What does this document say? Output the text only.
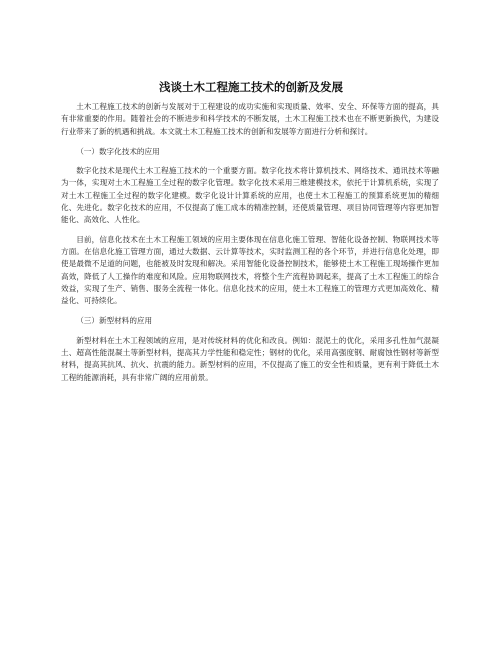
浅谈土木工程施工技术的创新及发展

土木工程施工技术的创新与发展对于工程建设的成功实施和实现质量、效率、安全、环保等方面的提高，具有非常重要的作用。随着社会的不断进步和科学技术的不断发展，土木工程施工技术也在不断更新换代，为建设行业带来了新的机遇和挑战。本文就土木工程施工技术的创新和发展等方面进行分析和探讨。

（一）数字化技术的应用

数字化技术是现代土木工程施工技术的一个重要方面。数字化技术将计算机技术、网络技术、通讯技术等融为一体，实现对土木工程施工全过程的数字化管理。数字化技术采用三维建模技术，依托于计算机系统，实现了对土木工程施工全过程的数字化建模。数字化设计计算系统的应用，也使土木工程施工的预算系统更加的精细化、先进化。数字化技术的应用，不仅提高了施工成本的精准控制，还使质量管理、项目协同管理等内容更加智能化、高效化、人性化。

目前，信息化技术在土木工程施工领域的应用主要体现在信息化施工管理、智能化设备控制、物联网技术等方面。在信息化施工管理方面，通过大数据、云计算等技术，实时监测工程的各个环节，并进行信息化处理，即使是最微不足道的问题，也能被及时发现和解决。采用智能化设备控制技术，能够使土木工程施工现场操作更加高效，降低了人工操作的难度和风险。应用物联网技术，将整个生产流程协调起来，提高了土木工程施工的综合效益，实现了生产、销售、服务全流程一体化。信息化技术的应用，使土木工程施工的管理方式更加高效化、精益化、可持续化。

（三）新型材料的应用

新型材料在土木工程领域的应用，是对传统材料的优化和改良。例如：混泥土的优化，采用多孔性加气混凝土、超高性能混凝土等新型材料，提高其力学性能和稳定性；钢材的优化，采用高强度钢、耐腐蚀性钢材等新型材料，提高其抗风、抗火、抗震的能力。新型材料的应用，不仅提高了施工的安全性和质量，更有利于降低土木工程的能源消耗，具有非常广阔的应用前景。
